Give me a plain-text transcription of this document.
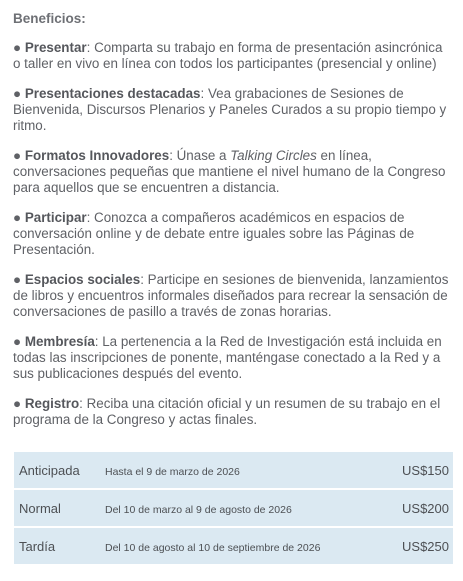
Beneficios:
● Presentar: Comparta su trabajo en forma de presentación asincrónica o taller en vivo en línea con todos los participantes (presencial y online)
● Presentaciones destacadas: Vea grabaciones de Sesiones de Bienvenida, Discursos Plenarios y Paneles Curados a su propio tiempo y ritmo.
● Formatos Innovadores: Únase a Talking Circles en línea, conversaciones pequeñas que mantiene el nivel humano de la Congreso para aquellos que se encuentren a distancia.
● Participar: Conozca a compañeros académicos en espacios de conversación online y de debate entre iguales sobre las Páginas de Presentación.
● Espacios sociales: Participe en sesiones de bienvenida, lanzamientos de libros y encuentros informales diseñados para recrear la sensación de conversaciones de pasillo a través de zonas horarias.
● Membresía: La pertenencia a la Red de Investigación está incluida en todas las inscripciones de ponente, manténgase conectado a la Red y a sus publicaciones después del evento.
● Registro: Reciba una citación oficial y un resumen de su trabajo en el programa de la Congreso y actas finales.
Anticipada	Hasta el 9 de marzo de 2026	US$150
Normal	Del 10 de marzo al 9 de agosto de 2026	US$200
Tardía	Del 10 de agosto al 10 de septiembre de 2026	US$250
